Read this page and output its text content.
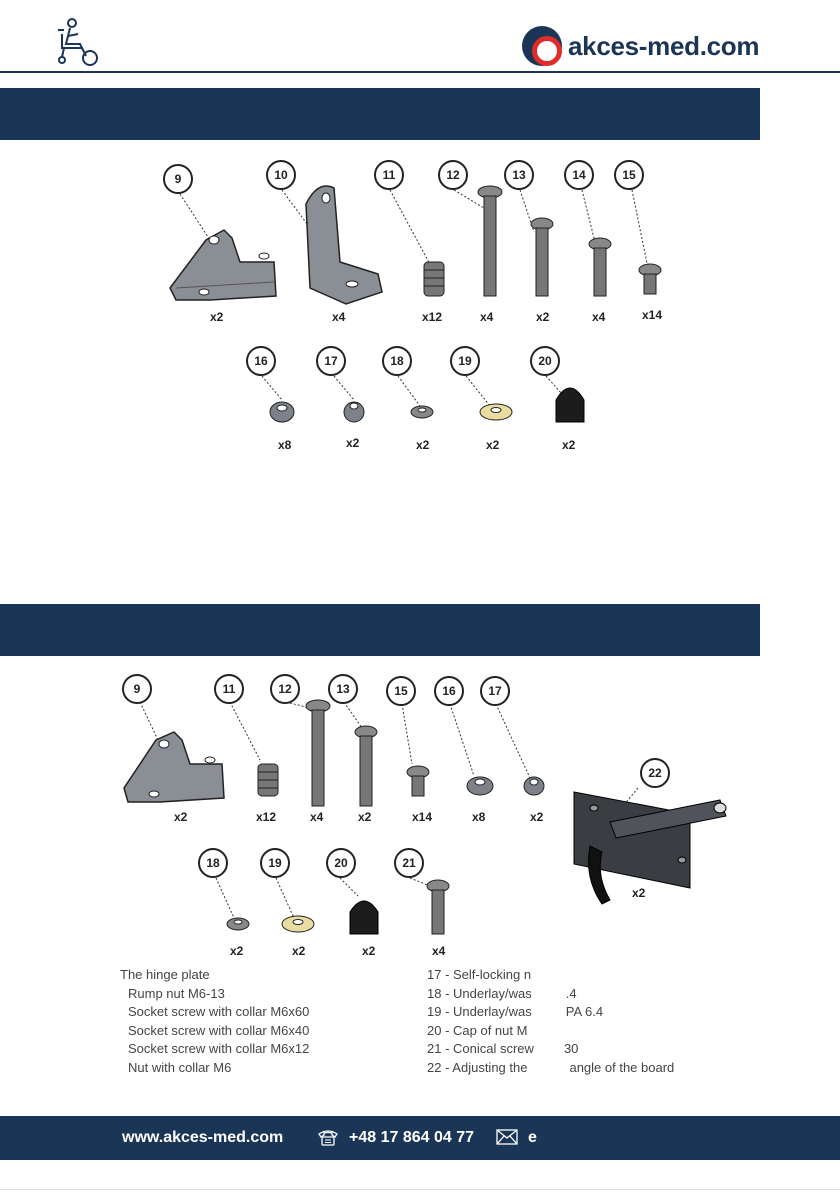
akces-med.com
9	10	11	12	13	14	15
16	17	18	19	20
x2	x4	x12	x4	x2	x4	x14
x8	x2	x2	x2	x2
9	11	12	13	15	16	17
22
18	19	20	21
x2	x12	x4	x2	x14	x8	x2
x2
x2	x2	x2	x4
The hinge plate
Rump nut M6-13
Socket screw with collar M6x60
Socket screw with collar M6x40
Socket screw with collar M6x12
Nut with collar M6
17 - Self-locking n
18 - Underlay/was	.4
19 - Underlay/was	PA 6.4
20 - Cap of nut M
21 - Conical screw 30
22 - Adjusting the	angle of the board
www.akces-med.com	+48 17 864 04 77	e
